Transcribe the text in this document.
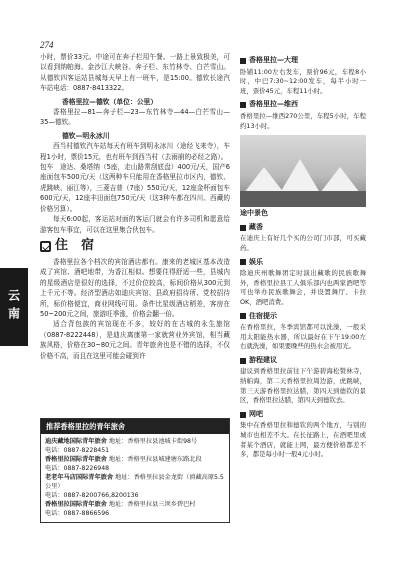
274
云南

小时，票价33元。中途可在奔子栏用午餐。一路上景致极美，可以看到纳帕海、金沙江大峡谷、奔子栏、东竹林寺、白芒雪山。从德钦四客运站县城每天早上有一班车，是15:00。德钦长途汽车站电话：0887-8413322。

香格里拉—德钦（单位：公里）

香格里拉—81—奔子栏—23—东竹林寺—44—白芒雪山—35—德钦。

德钦—明永冰川

西当村德钦汽车站每天有班车到明永冰川（途经飞来寺），车程1小时，票价15元，也有班车到西当村（去雨崩的必经之路）。

包车　途达、桑塔纳（5座，走山路常刮底盘）400元/天，国产6座面包车500元/天（这两种车只能用在香格里拉市区内，德钦、虎跳峡、丽江等），三菱吉普（7座）550元/天，12座金杯面包车600元/天，12座丰田面包750元/天（这3种车都在四川、西藏的价格另算）。

每天6:00起，客运站对面的客运门就会有许多司机和愿意给游客包车事宜，可以在这里集合伙包车。

住　宿

香格里拉各个档次的宾馆酒店都有。康来的老城区基本改造成了宾馆、酒吧地带，为香江相似。想要住得舒适一些，县城内的星级酒店是很好的选择，不过价位较高，标间价格从300元到上千元不等。经济型酒店如迪庆宾馆、县政府招待所、党校招待所，标价格便宜，商业网线可用。条件比星级酒店稍差，客房在50~200元之间，旅游旺季涨，价格会翻一倍。

适合背包族的宾馆现在不多，较好的在古城的永生旅馆（0887-8222448），是迪庆离康第一家就营业外宾馆，相当藏族风格，价格在30~80元之间。青年旅舍也是不错的选择，不仅价格不高，而且在这里可能会碰到许

推荐香格里拉的青年旅舍
迪庆藏地国际青年旅舍 地址：香格里拉县池城卡街98号
电话：0887-8228451
香格里拉国际青年旅舍 地址：香格里拉县城建塘东路北段
电话：0887-8226948
老老年马店国际青年旅舍 地址：香格里拉县金龙街（滇藏高原5.5公里）
电话：0887-8200766,8200136
香格里拉国际青年旅舍 地址：香格里拉县三坝乡碧巴村
电话：0887-8866596
香格里拉—大理

卧铺11:00左右发车，票价96元，车程8小时，中巴7:30~12:00发车，每半小时一班，票价45元，车程11小时。

香格里拉—维西

香格里拉—维西270公里，车程5小时，车程约13小时。

途中景色
藏香

在迪庆上有好几个买的公司门市部，可买藏药。

娱乐

除迪庆州歌舞团定时演出藏歌的民族歌舞外，香格里拉县工人俱乐部内也两家酒吧等可也举办民族歌舞会，并设置舞厅、卡拉OK，酒吧消费。

住宿提示

在香格里拉，冬季宾馆都可以洗澡，一般采用太阳能热水器，所以最好在下午19:00左右就洗澡，如果要晚些的热水会被用光。

游程建议

建议到香格里拉前往下午游碧海松赞林寺，纳帕海，第二天香格里拉周边游，虎跳峡，第三天游香格里拉达腊，第四天到德钦的景区，香格里拉达腊，第四天到德钦去。

网吧

集中在香格里拉和德钦的两个地方，与别的城市也相差不大。在长征路上，在酒吧里或者某个酒店，就能上网，最方便价格都差不多，都是每小时一般4元小时。
